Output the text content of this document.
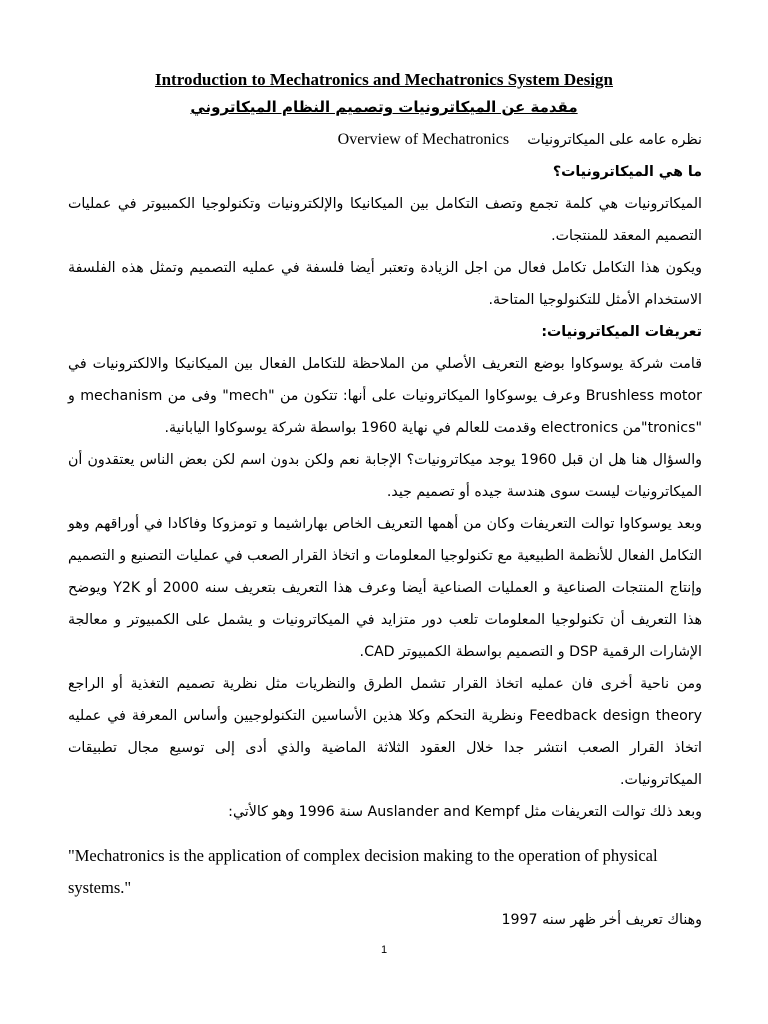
Introduction to Mechatronics and Mechatronics System Design
مقدمة عن الميكاترونيات وتصميم النظام الميكاتروني

نظره عامه على الميكاترونيات    Overview of Mechatronics

ما هي الميكاترونيات؟

الميكاترونيات هي كلمة تجمع وتصف التكامل بين الميكانيكا والإلكترونيات وتكنولوجيا الكمبيوتر في عمليات التصميم المعقد للمنتجات.

ويكون هذا التكامل تكامل فعال من اجل الزيادة وتعتبر أيضا فلسفة في عمليه التصميم وتمثل هذه الفلسفة الاستخدام الأمثل للتكنولوجيا المتاحة.

تعريفات الميكاترونيات:

قامت شركة يوسوكاوا بوضع التعريف الأصلي من الملاحظة للتكامل الفعال بين الميكانيكا والالكترونيات في Brushless motor وعرف يوسوكاوا الميكاترونيات على أنها: تتكون من "mech" وفى من mechanism و "tronics"من electronics وقدمت للعالم في نهاية 1960 بواسطة شركة يوسوكاوا اليابانية.

والسؤال هنا هل ان قبل 1960 يوجد ميكاترونيات؟ الإجابة نعم ولكن بدون اسم لكن بعض الناس يعتقدون أن الميكاترونيات ليست سوى هندسة جيده أو تصميم جيد.

وبعد يوسوكاوا توالت التعريفات وكان من أهمها التعريف الخاص بهاراشيما و تومزوكا وفاكادا في أوراقهم وهو التكامل الفعال للأنظمة الطبيعية مع تكنولوجيا المعلومات و اتخاذ القرار الصعب في عمليات التصنيع و التصميم وإنتاج المنتجات الصناعية و العمليات الصناعية أيضا وعرف هذا التعريف بتعريف سنه 2000 أو Y2K ويوضح هذا التعريف أن تكنولوجيا المعلومات تلعب دور متزايد في الميكاترونيات و يشمل على الكمبيوتر و معالجة الإشارات الرقمية DSP و التصميم بواسطة الكمبيوتر CAD.

ومن ناحية أخرى فان عمليه اتخاذ القرار تشمل الطرق والنظريات مثل نظرية تصميم التغذية أو الراجع Feedback design theory ونظرية التحكم وكلا هذين الأساسين التكنولوجيين وأساس المعرفة في عمليه اتخاذ القرار الصعب انتشر جدا خلال العقود الثلاثة الماضية والذي أدى إلى توسيع مجال تطبيقات الميكاترونيات.

وبعد ذلك توالت التعريفات مثل Auslander and Kempf سنة 1996 وهو كالأتي:

"Mechatronics is the application of complex decision making to the operation of physical systems."

وهناك تعريف أخر ظهر سنه 1997

1
